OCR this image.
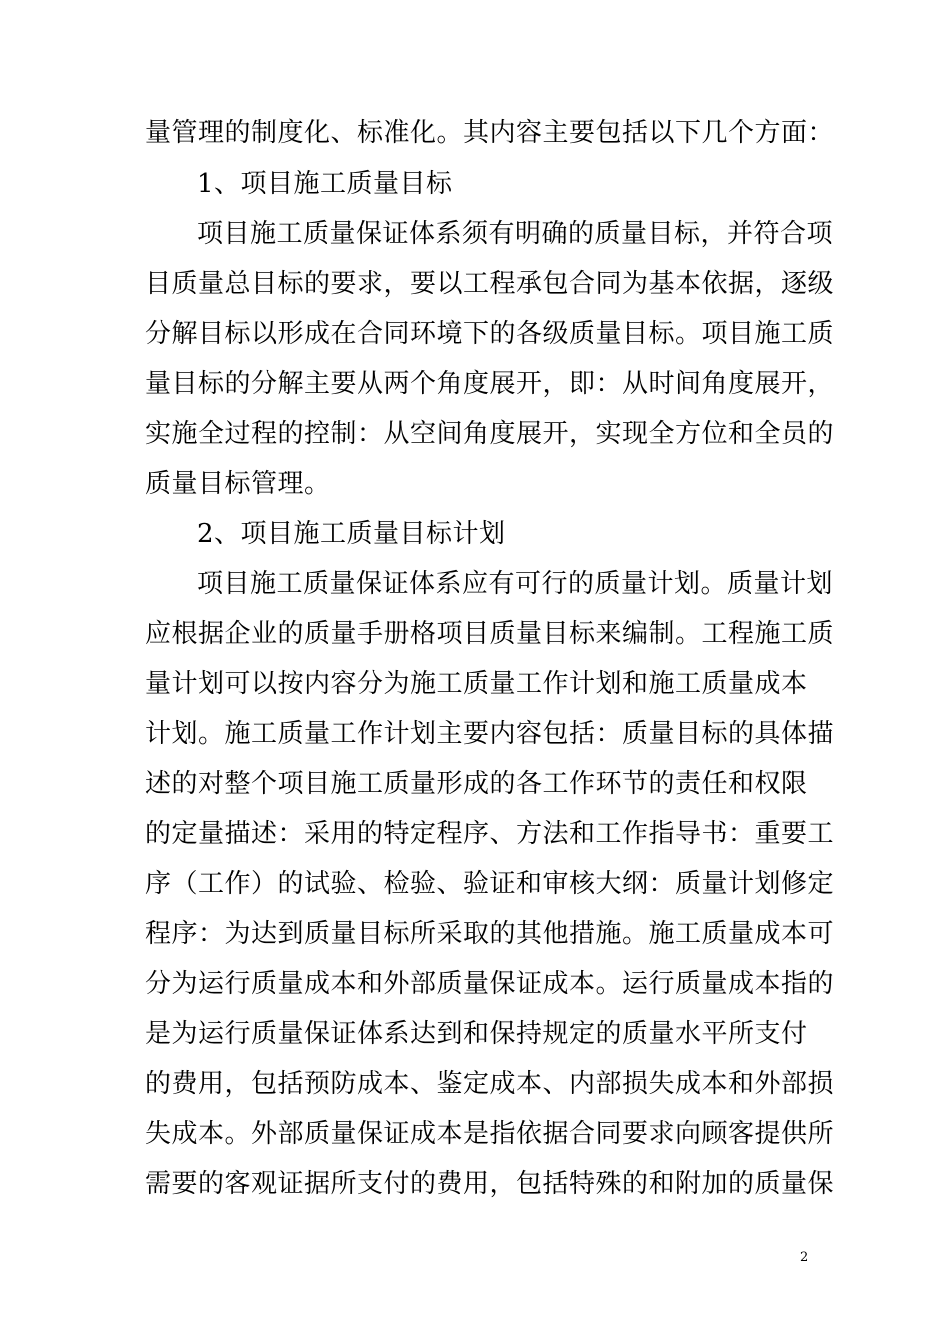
量管理的制度化、标准化。其内容主要包括以下几个方面：
1、项目施工质量目标
项目施工质量保证体系须有明确的质量目标，并符合项
目质量总目标的要求，要以工程承包合同为基本依据，逐级
分解目标以形成在合同环境下的各级质量目标。项目施工质
量目标的分解主要从两个角度展开，即：从时间角度展开，
实施全过程的控制：从空间角度展开，实现全方位和全员的
质量目标管理。
2、项目施工质量目标计划
项目施工质量保证体系应有可行的质量计划。质量计划
应根据企业的质量手册格项目质量目标来编制。工程施工质
量计划可以按内容分为施工质量工作计划和施工质量成本
计划。施工质量工作计划主要内容包括：质量目标的具体描
述的对整个项目施工质量形成的各工作环节的责任和权限
的定量描述：采用的特定程序、方法和工作指导书：重要工
序（工作）的试验、检验、验证和审核大纲：质量计划修定
程序：为达到质量目标所采取的其他措施。施工质量成本可
分为运行质量成本和外部质量保证成本。运行质量成本指的
是为运行质量保证体系达到和保持规定的质量水平所支付
的费用，包括预防成本、鉴定成本、内部损失成本和外部损
失成本。外部质量保证成本是指依据合同要求向顾客提供所
需要的客观证据所支付的费用，包括特殊的和附加的质量保
2
